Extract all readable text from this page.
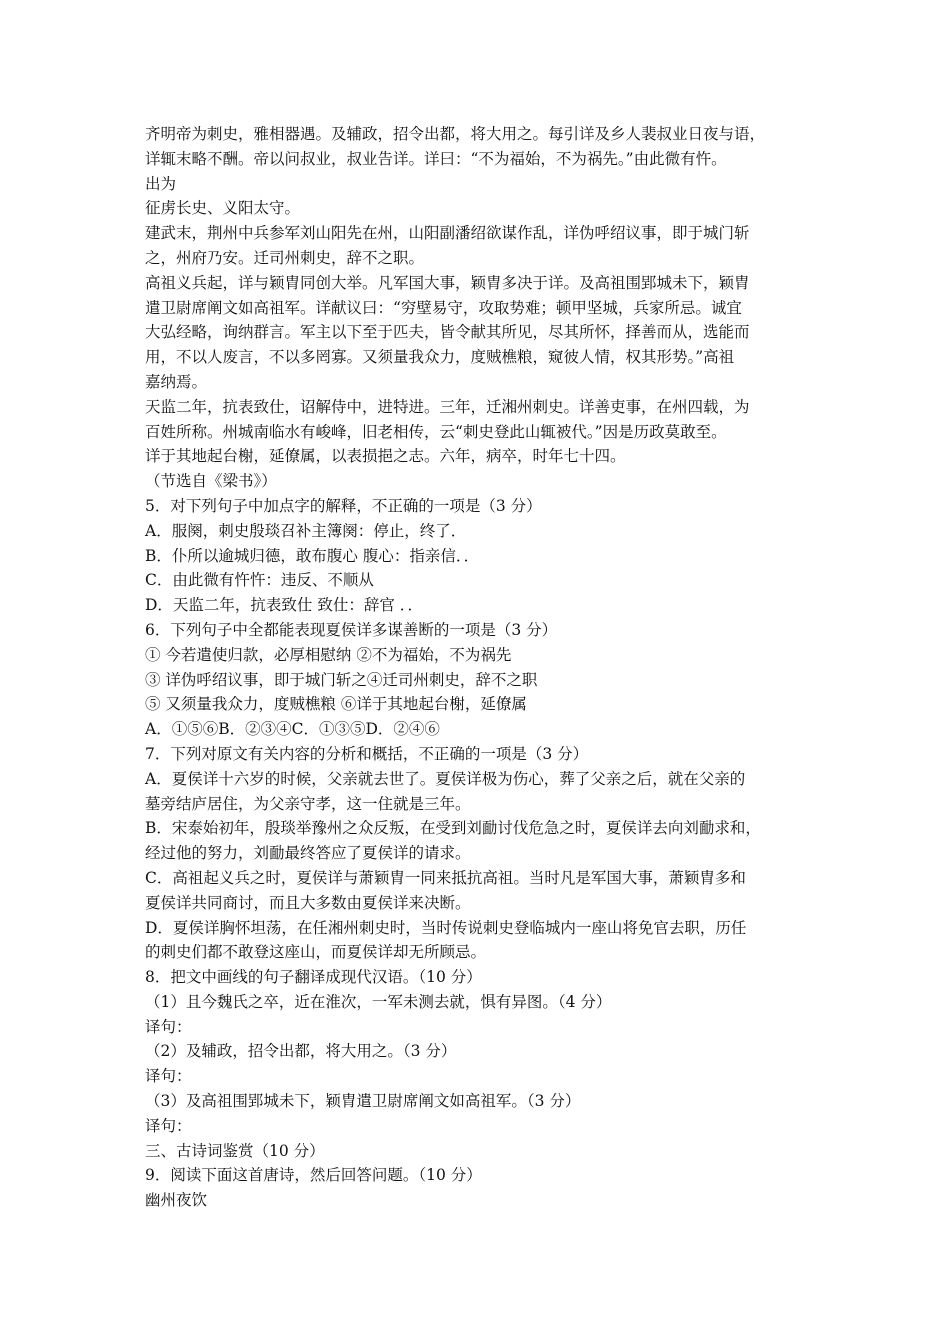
齐明帝为刺史，雅相器遇。及辅政，招令出都，将大用之。每引详及乡人裴叔业日夜与语，

详辄末略不酬。帝以问叔业，叔业告详。详曰：“不为福始，不为祸先。”由此微有忤。

出为

征虏长史、义阳太守。

建武末，荆州中兵参军刘山阳先在州，山阳副潘绍欲谋作乱，详伪呼绍议事，即于城门斩

之，州府乃安。迁司州刺史，辞不之职。

高祖义兵起，详与颖胄同创大举。凡军国大事，颖胄多决于详。及高祖围郢城未下，颖胄

遣卫尉席阐文如高祖军。详献议曰：“穷壁易守，攻取势难；顿甲坚城，兵家所忌。诚宜

大弘经略，询纳群言。军主以下至于匹夫，皆令献其所见，尽其所怀，择善而从，选能而

用，不以人废言，不以多罔寡。又须量我众力，度贼樵粮，窥彼人情，权其形势。”高祖

嘉纳焉。

天监二年，抗表致仕，诏解侍中，进特进。三年，迁湘州刺史。详善吏事，在州四载，为

百姓所称。州城南临水有峻峰，旧老相传，云“刺史登此山辄被代。”因是历政莫敢至。

详于其地起台榭，延僚属，以表损挹之志。六年，病卒，时年七十四。

（节选自《梁书》）

5．对下列句子中加点字的解释，不正确的一项是（3 分）

A．服阕，刺史殷琰召补主簿阕：停止，终了．

B．仆所以逾城归德，敢布腹心 腹心：指亲信．．

C．由此微有忤忤：违反、不顺从

D．天监二年，抗表致仕 致仕：辞官 ．．

6．下列句子中全都能表现夏侯详多谋善断的一项是（3 分）

① 今若遣使归款，必厚相慰纳 ②不为福始，不为祸先

③ 详伪呼绍议事，即于城门斩之④迁司州刺史，辞不之职

⑤ 又须量我众力，度贼樵粮 ⑥详于其地起台榭，延僚属

A．①⑤⑥B．②③④C．①③⑤D．②④⑥

7．下列对原文有关内容的分析和概括，不正确的一项是（3 分）

A．夏侯详十六岁的时候，父亲就去世了。夏侯详极为伤心，葬了父亲之后，就在父亲的

墓旁结庐居住，为父亲守孝，这一住就是三年。

B．宋泰始初年，殷琰举豫州之众反叛，在受到刘勔讨伐危急之时，夏侯详去向刘勔求和，

经过他的努力，刘勔最终答应了夏侯详的请求。

C．高祖起义兵之时，夏侯详与萧颖胄一同来抵抗高祖。当时凡是军国大事，萧颖胄多和

夏侯详共同商讨，而且大多数由夏侯详来决断。

D．夏侯详胸怀坦荡，在任湘州刺史时，当时传说刺史登临城内一座山将免官去职，历任

的刺史们都不敢登这座山，而夏侯详却无所顾忌。

8．把文中画线的句子翻译成现代汉语。（10 分）

（1）且今魏氏之卒，近在淮次，一军未测去就，惧有异图。（4 分）

译句：

（2）及辅政，招令出都，将大用之。（3 分）

译句：

（3）及高祖围郢城未下，颖胄遣卫尉席阐文如高祖军。（3 分）

译句：

三、古诗词鉴赏（10 分）

9．阅读下面这首唐诗，然后回答问题。（10 分）

幽州夜饮
